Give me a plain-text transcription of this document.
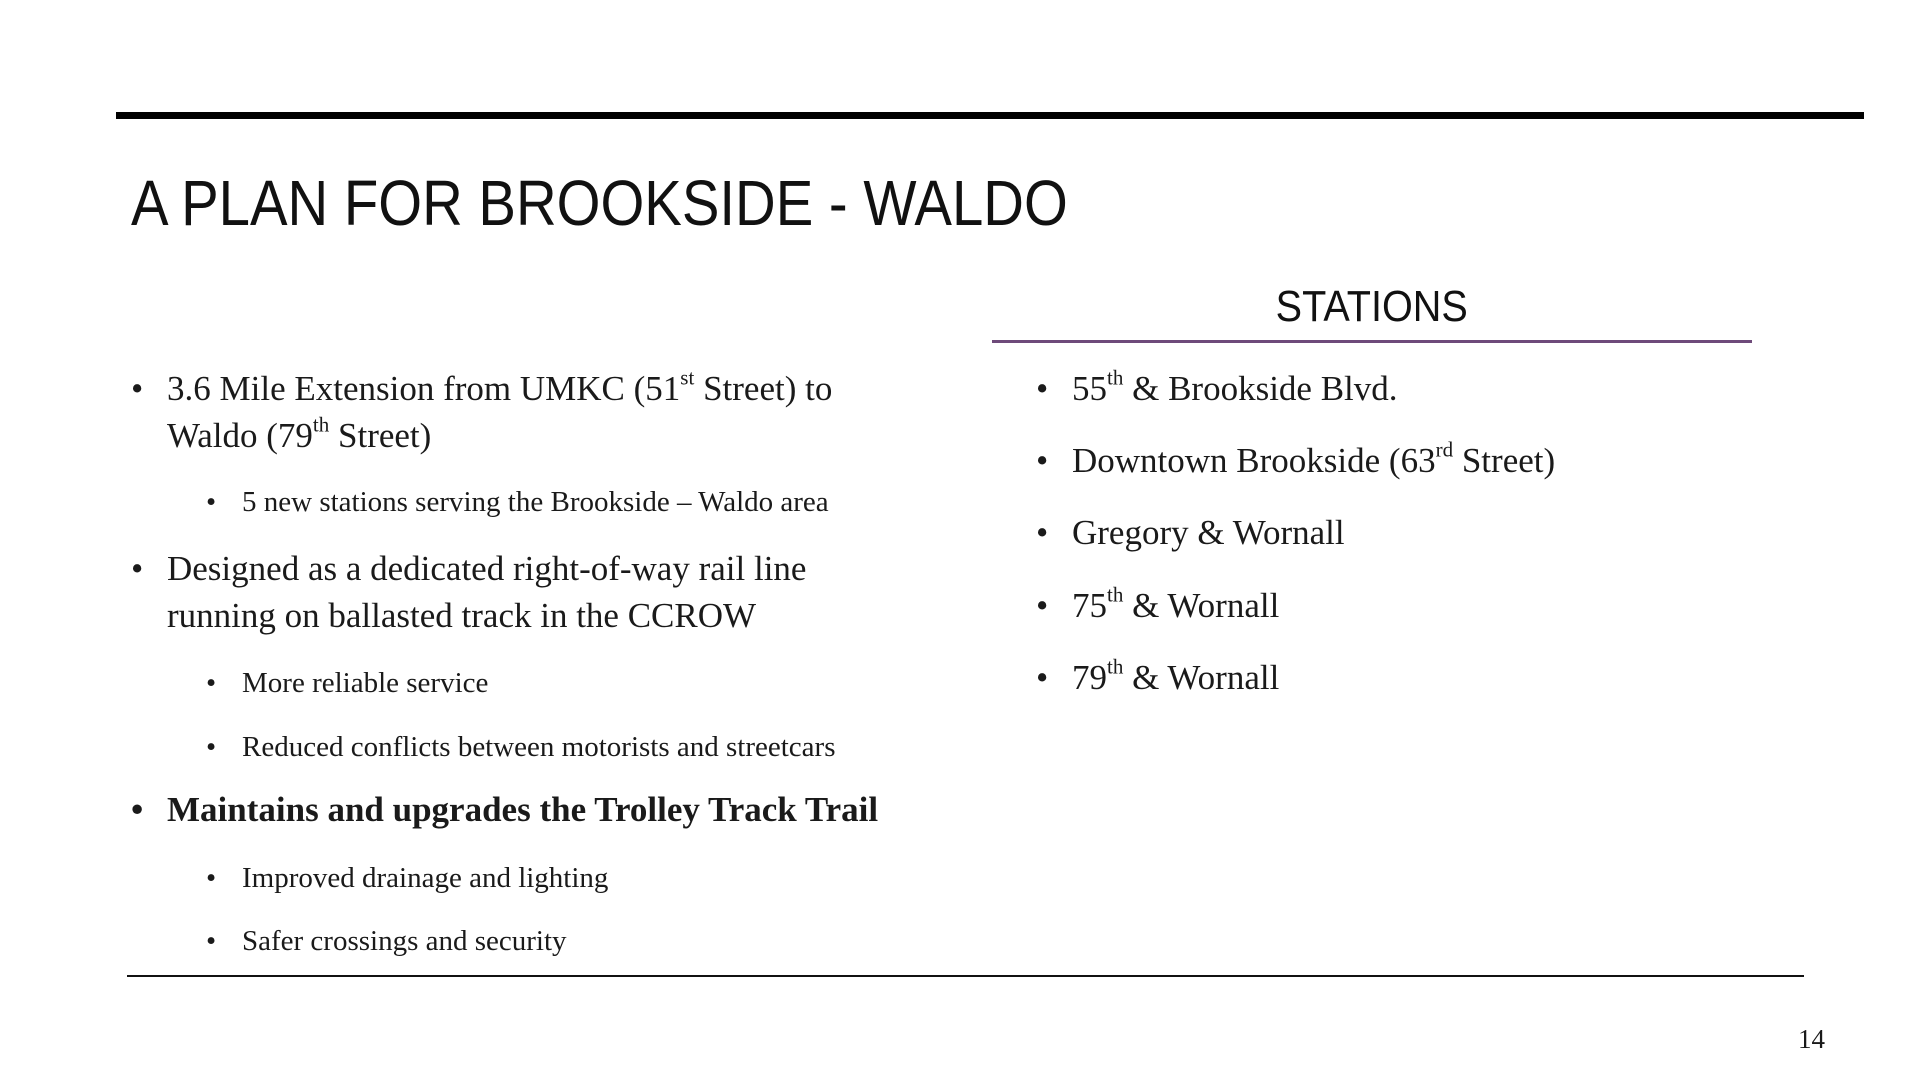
A PLAN FOR BROOKSIDE - WALDO
• 3.6 Mile Extension from UMKC (51st Street) to
Waldo (79th Street)
• 5 new stations serving the Brookside – Waldo area
• Designed as a dedicated right-of-way rail line
running on ballasted track in the CCROW
• More reliable service
• Reduced conflicts between motorists and streetcars
• Maintains and upgrades the Trolley Track Trail
• Improved drainage and lighting
• Safer crossings and security
STATIONS
• 55th & Brookside Blvd.
• Downtown Brookside (63rd Street)
• Gregory & Wornall
• 75th & Wornall
• 79th & Wornall
14
